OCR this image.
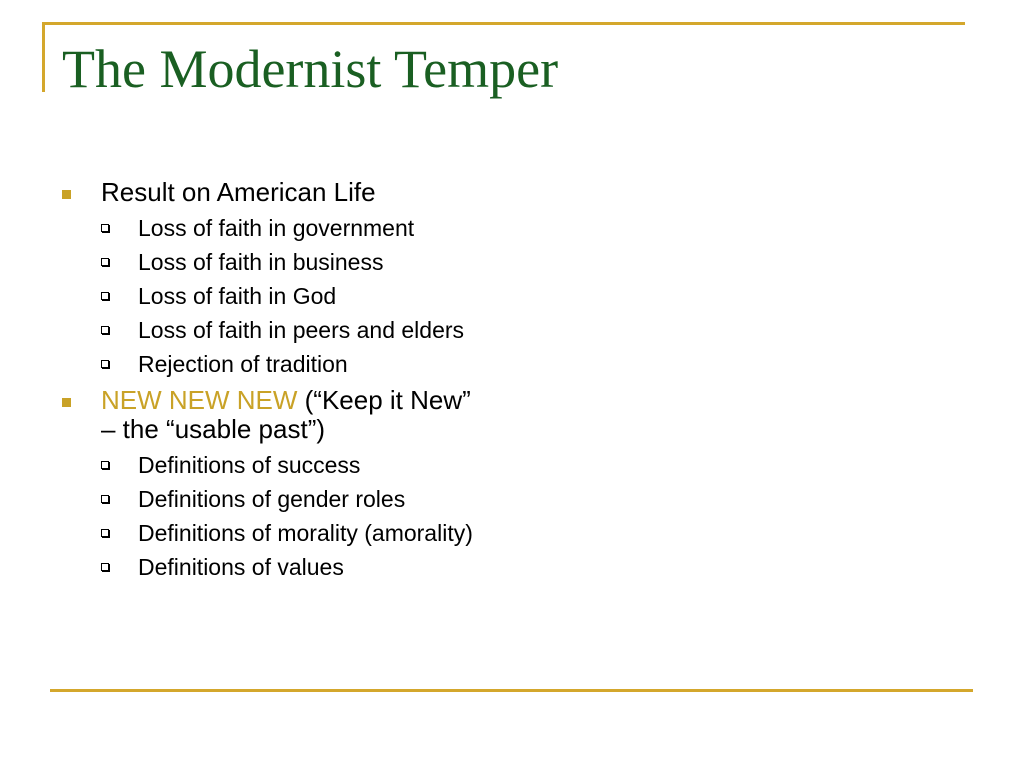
The Modernist Temper
Result on American Life
Loss of faith in government
Loss of faith in business
Loss of faith in God
Loss of faith in peers and elders
Rejection of tradition
NEW NEW NEW (“Keep it New” – the “usable past”)
Definitions of success
Definitions of gender roles
Definitions of morality (amorality)
Definitions of values
